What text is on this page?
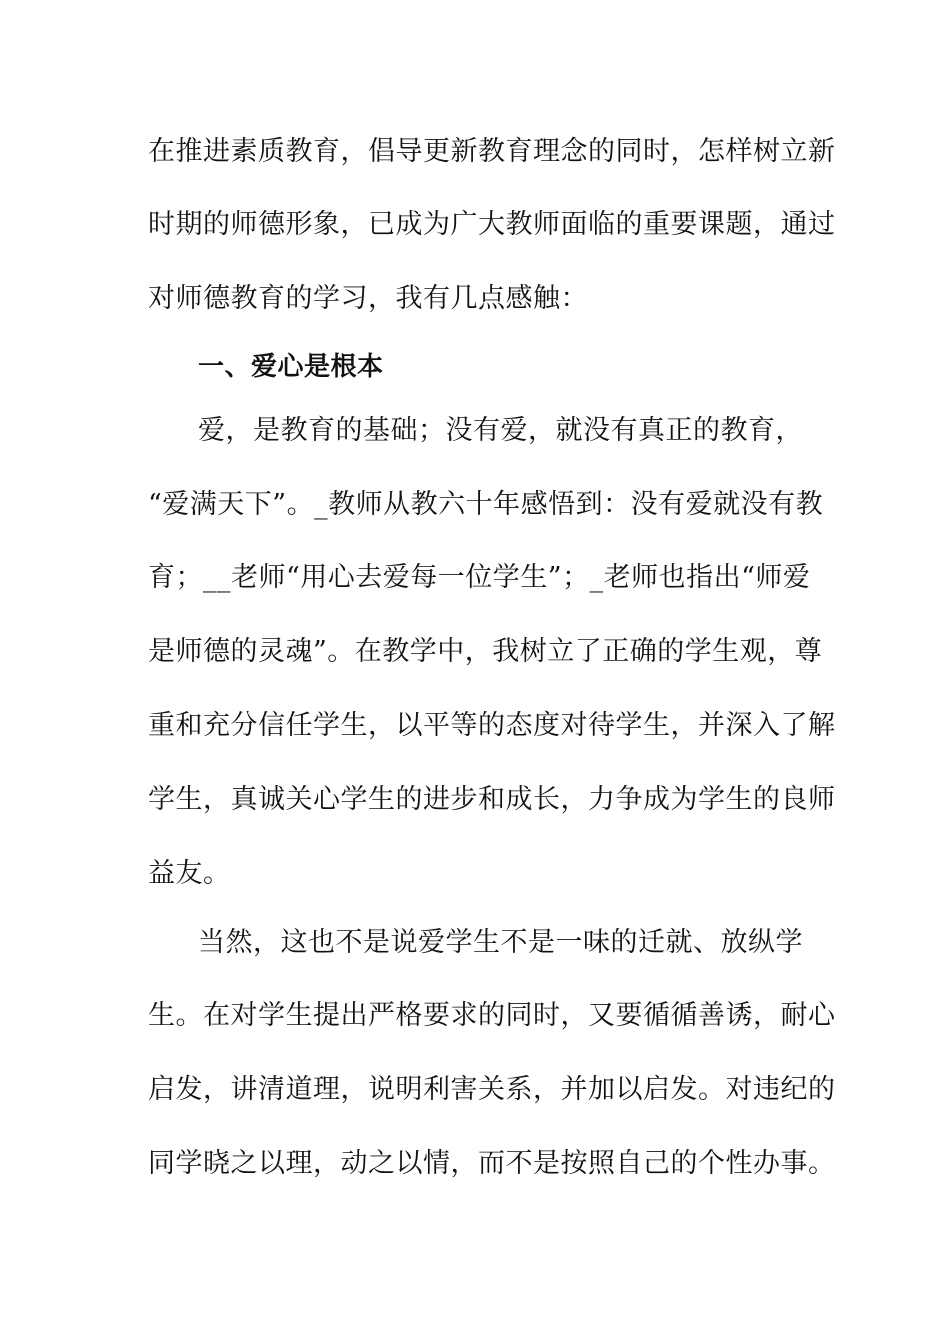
在推进素质教育，倡导更新教育理念的同时，怎样树立新
时期的师德形象，已成为广大教师面临的重要课题，通过
对师德教育的学习，我有几点感触：
一、爱心是根本
爱，是教育的基础；没有爱，就没有真正的教育，
“爱满天下”。_教师从教六十年感悟到：没有爱就没有教
育；__老师“用心去爱每一位学生”；_老师也指出“师爱
是师德的灵魂”。在教学中，我树立了正确的学生观，尊
重和充分信任学生，以平等的态度对待学生，并深入了解
学生，真诚关心学生的进步和成长，力争成为学生的良师
益友。
当然，这也不是说爱学生不是一味的迁就、放纵学
生。在对学生提出严格要求的同时，又要循循善诱，耐心
启发，讲清道理，说明利害关系，并加以启发。对违纪的
同学晓之以理，动之以情，而不是按照自己的个性办事。
